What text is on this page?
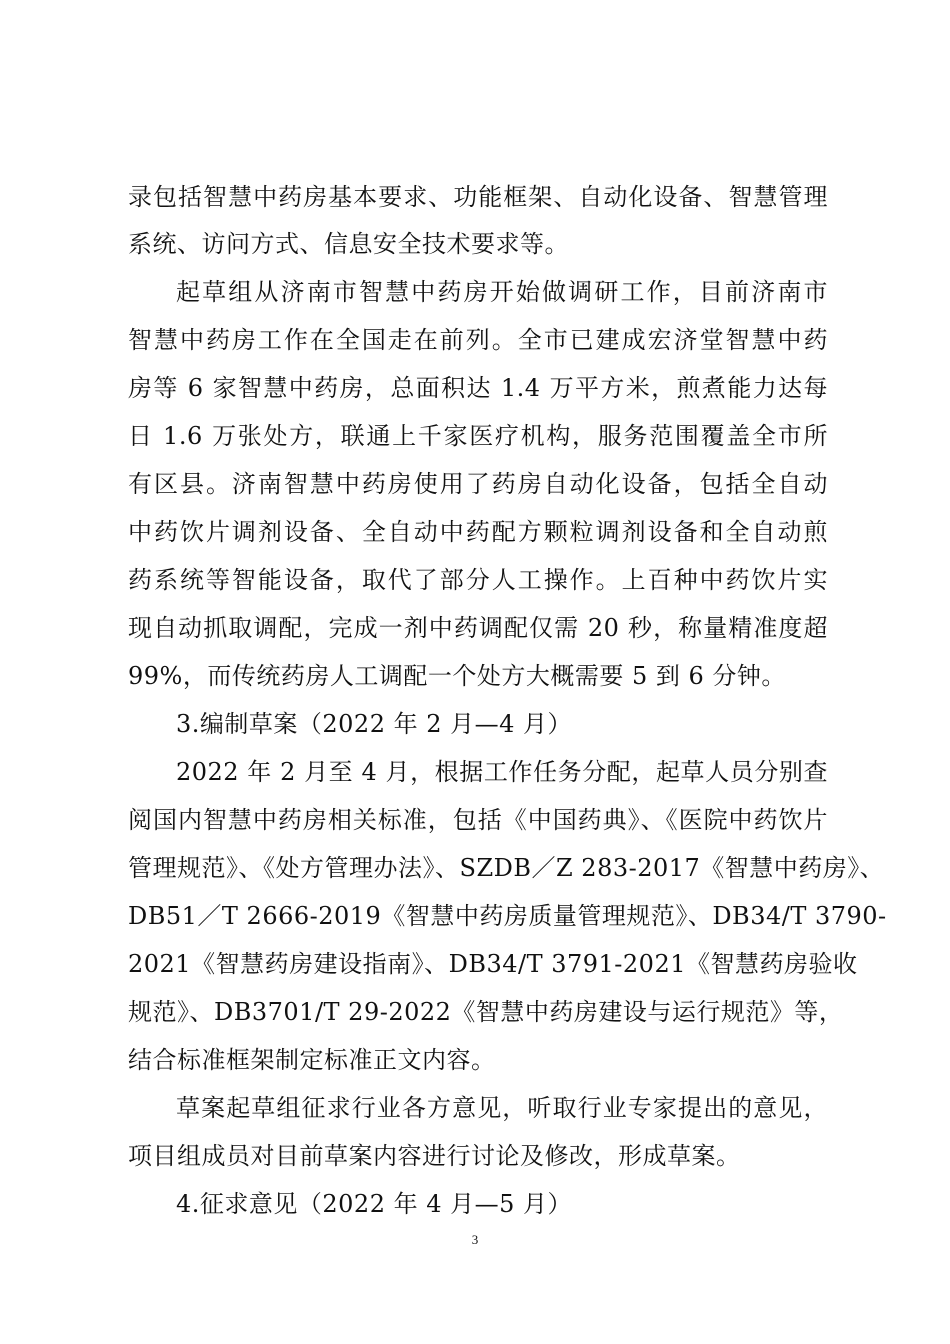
录包括智慧中药房基本要求、功能框架、自动化设备、智慧管理
系统、访问方式、信息安全技术要求等。
起草组从济南市智慧中药房开始做调研工作，目前济南市
智慧中药房工作在全国走在前列。全市已建成宏济堂智慧中药
房等 6 家智慧中药房，总面积达 1.4 万平方米，煎煮能力达每
日 1.6 万张处方，联通上千家医疗机构，服务范围覆盖全市所
有区县。济南智慧中药房使用了药房自动化设备，包括全自动
中药饮片调剂设备、全自动中药配方颗粒调剂设备和全自动煎
药系统等智能设备，取代了部分人工操作。上百种中药饮片实
现自动抓取调配，完成一剂中药调配仅需 20 秒，称量精准度超
99%，而传统药房人工调配一个处方大概需要 5 到 6 分钟。
3.编制草案（2022 年 2 月—4 月）
2022 年 2 月至 4 月，根据工作任务分配，起草人员分别查
阅国内智慧中药房相关标准，包括《中国药典》、《医院中药饮片
管理规范》、《处方管理办法》、SZDB／Z 283-2017《智慧中药房》、
DB51／T 2666-2019《智慧中药房质量管理规范》、DB34/T 3790-
2021《智慧药房建设指南》、DB34/T 3791-2021《智慧药房验收
规范》、DB3701/T 29-2022《智慧中药房建设与运行规范》等，
结合标准框架制定标准正文内容。
草案起草组征求行业各方意见，听取行业专家提出的意见，
项目组成员对目前草案内容进行讨论及修改，形成草案。
4.征求意见（2022 年 4 月—5 月）
3
